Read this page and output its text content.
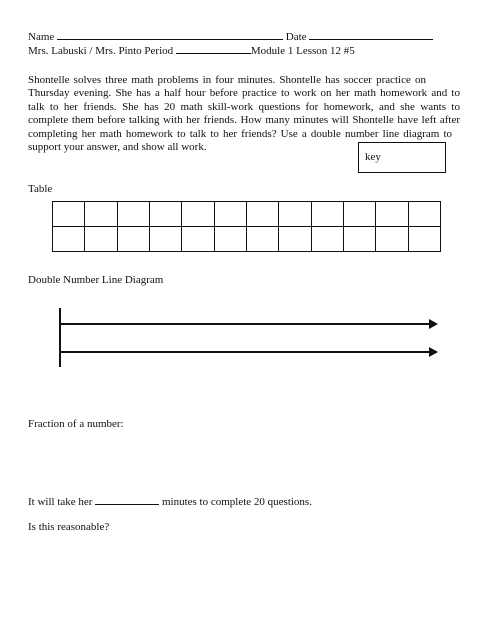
Name	Date
Mrs. Labuski / Mrs. Pinto Period	Module 1 Lesson 12 #5
Shontelle solves three math problems in four minutes. Shontelle has soccer practice on
Thursday evening. She has a half hour before practice to work on her math homework and to
talk to her friends. She has 20 math skill-work questions for homework, and she wants to
complete them before talking with her friends. How many minutes will Shontelle have left after
completing her math homework to talk to her friends? Use a double number line diagram to
support your answer, and show all work.
key
Table

Double Number Line Diagram
Fraction of a number:
It will take her	minutes to complete 20 questions.
Is this reasonable?
